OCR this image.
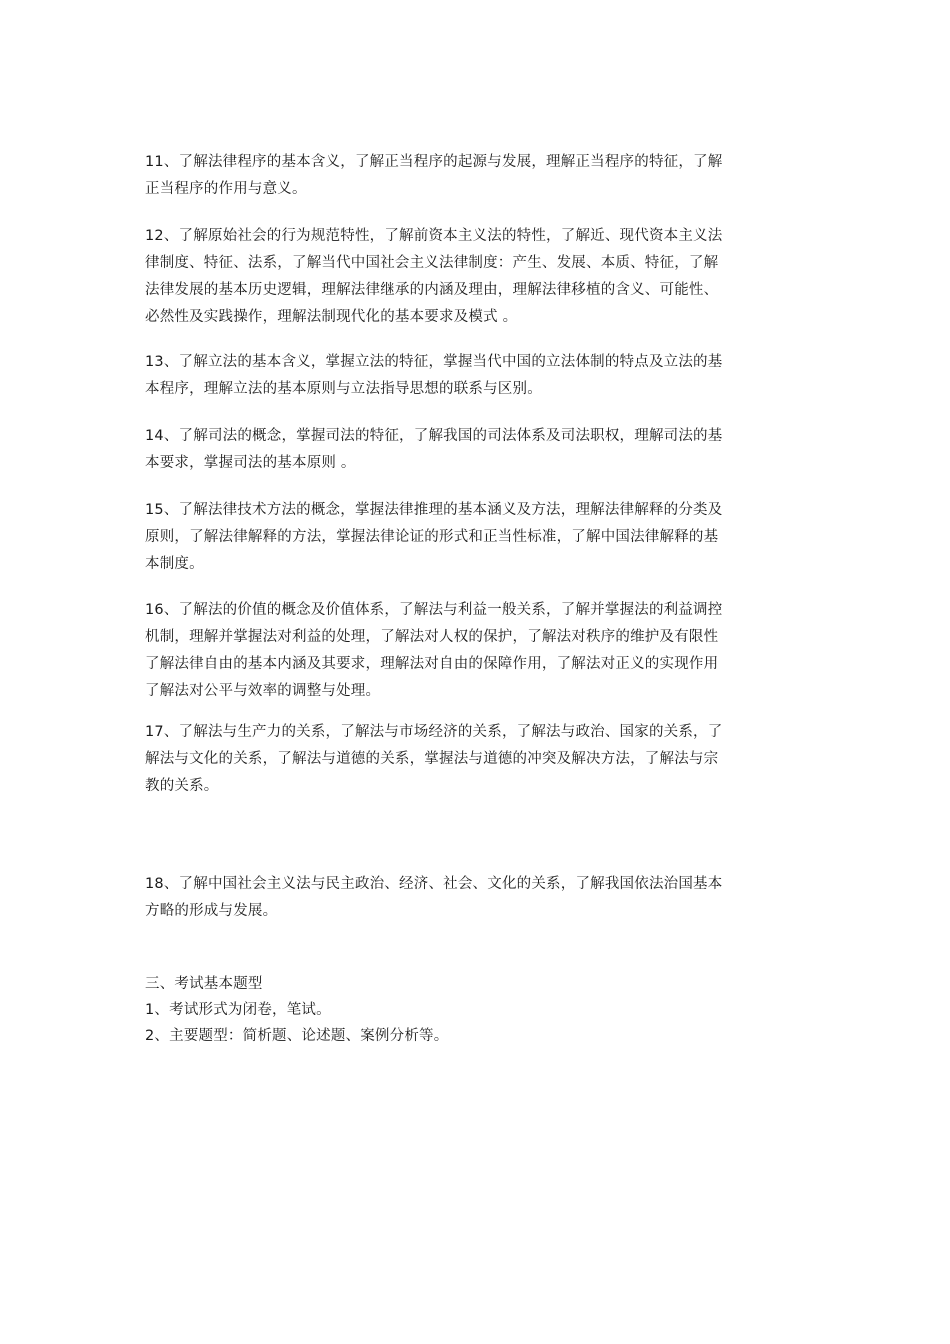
11、了解法律程序的基本含义，了解正当程序的起源与发展，理解正当程序的特征，了解
正当程序的作用与意义。
12、了解原始社会的行为规范特性，了解前资本主义法的特性，了解近、现代资本主义法
律制度、特征、法系，了解当代中国社会主义法律制度：产生、发展、本质、特征，了解
法律发展的基本历史逻辑，理解法律继承的内涵及理由，理解法律移植的含义、可能性、
必然性及实践操作，理解法制现代化的基本要求及模式 。
13、了解立法的基本含义，掌握立法的特征，掌握当代中国的立法体制的特点及立法的基
本程序，理解立法的基本原则与立法指导思想的联系与区别。
14、了解司法的概念，掌握司法的特征，了解我国的司法体系及司法职权，理解司法的基
本要求，掌握司法的基本原则 。
15、了解法律技术方法的概念，掌握法律推理的基本涵义及方法，理解法律解释的分类及
原则，了解法律解释的方法，掌握法律论证的形式和正当性标准，了解中国法律解释的基
本制度。
16、了解法的价值的概念及价值体系，了解法与利益一般关系，了解并掌握法的利益调控
机制，理解并掌握法对利益的处理，了解法对人权的保护，了解法对秩序的维护及有限性
了解法律自由的基本内涵及其要求，理解法对自由的保障作用，了解法对正义的实现作用
了解法对公平与效率的调整与处理。
17、了解法与生产力的关系，了解法与市场经济的关系，了解法与政治、国家的关系，了
解法与文化的关系，了解法与道德的关系，掌握法与道德的冲突及解决方法，了解法与宗
教的关系。
18、了解中国社会主义法与民主政治、经济、社会、文化的关系，了解我国依法治国基本
方略的形成与发展。
三、考试基本题型
1、考试形式为闭卷，笔试。
2、主要题型：简析题、论述题、案例分析等。
